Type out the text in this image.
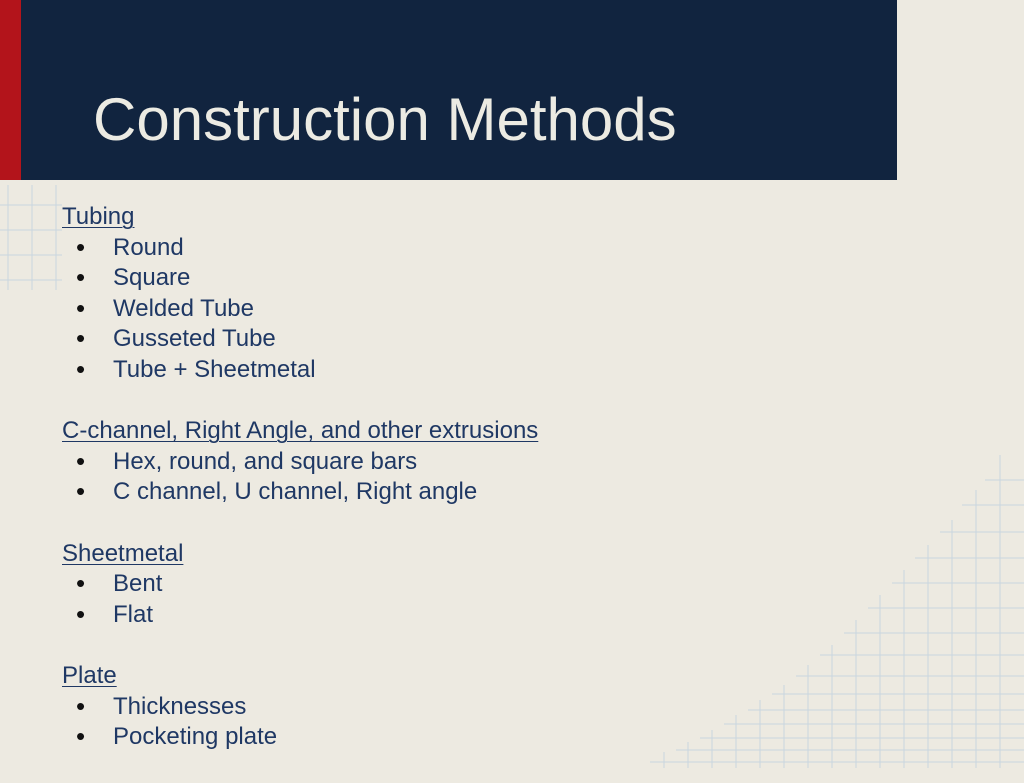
Construction Methods
Tubing
• Round
• Square
• Welded Tube
• Gusseted Tube
• Tube + Sheetmetal
C-channel, Right Angle, and other extrusions
• Hex, round, and square bars
• C channel, U channel, Right angle
Sheetmetal
• Bent
• Flat
Plate
• Thicknesses
• Pocketing plate
